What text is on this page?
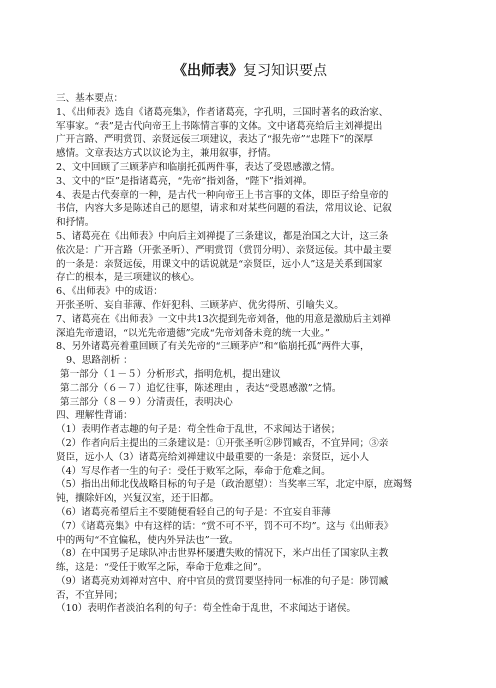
《出师表》复习知识要点

三、基本要点：

1、《出师表》选自《诸葛亮集》，作者诸葛亮，字孔明，三国时著名的政治家、

军事家。“表”是古代向帝王上书陈情言事的文体。文中诸葛亮给后主刘禅提出

广开言路、严明赏罚、亲贤远佞三项建议，表达了“报先帝”“忠陛下”的深厚

感情。文章表达方式以议论为主，兼用叙事，抒情。

2、文中回顾了三顾茅庐和临崩托孤两件事，表达了受恩感激之情。

3、文中的“臣”是指诸葛亮，“先帝”指刘备，“陛下”指刘禅。

4、表是古代奏章的一种，是古代一种向帝王上书言事的文体，即臣子给皇帝的

书信，内容大多是陈述自己的愿望，请求和对某些问题的看法，常用议论、记叙

和抒情。

5、诸葛亮在《出师表》中向后主刘禅提了三条建议，都是治国之大计，这三条

依次是：广开言路（开张圣听）、严明赏罚（赏罚分明）、亲贤远佞。其中最主要

的一条是：亲贤远佞，用课文中的话说就是“亲贤臣，远小人”这是关系到国家

存亡的根本，是三项建议的核心。

6、《出师表》中的成语：

开张圣听、妄自菲薄、作奸犯科、三顾茅庐、优劣得所、引喻失义。

7、诸葛亮在《出师表》一文中共13次提到先帝刘备，他的用意是激励后主刘禅

深追先帝遗诏，“以光先帝遗德”完成“先帝刘备未竟的统一大业。”

8、另外诸葛亮着重回顾了有关先帝的“三顾茅庐”和“临崩托孤”两件大事，

9、思路剖析 ：

第一部分（１－５）分析形式，指明危机，提出建议

第二部分（６－７）追忆往事，陈述理由 ，表达“受恩感激”之情。

第三部分（８－９）分清责任，表明决心

四、理解性背诵：

（1）表明作者志趣的句子是：苟全性命于乱世，不求闻达于诸侯；

（2）作者向后主提出的三条建议是：①开张圣听②陟罚臧否，不宜异同；③亲

贤臣，远小人（3）诸葛亮给刘禅建议中最重要的一条是：亲贤臣，远小人

（4）写尽作者一生的句子：受任于败军之际，奉命于危难之间。

（5）指出出师北伐战略目标的句子是（政治愿望）：当奖率三军，北定中原，庶竭驽

钝，攘除奸凶，兴复汉室，还于旧都。

（6）诸葛亮希望后主不要随便看轻自己的句子是：不宜妄自菲薄

（7）《诸葛亮集》中有这样的话：“赏不可不平，罚不可不均”。这与《出师表》

中的两句“不宜偏私，使内外异法也”一致。

（8）在中国男子足球队冲击世界杯屡遭失败的情况下，米卢出任了国家队主教

练，这是：“受任于败军之际，奉命于危难之间”。

（9）诸葛亮劝刘禅对宫中、府中官员的赏罚要坚持同一标准的句子是：陟罚臧

否，不宜异同；

（10）表明作者淡泊名利的句子：苟全性命于乱世，不求闻达于诸侯。
